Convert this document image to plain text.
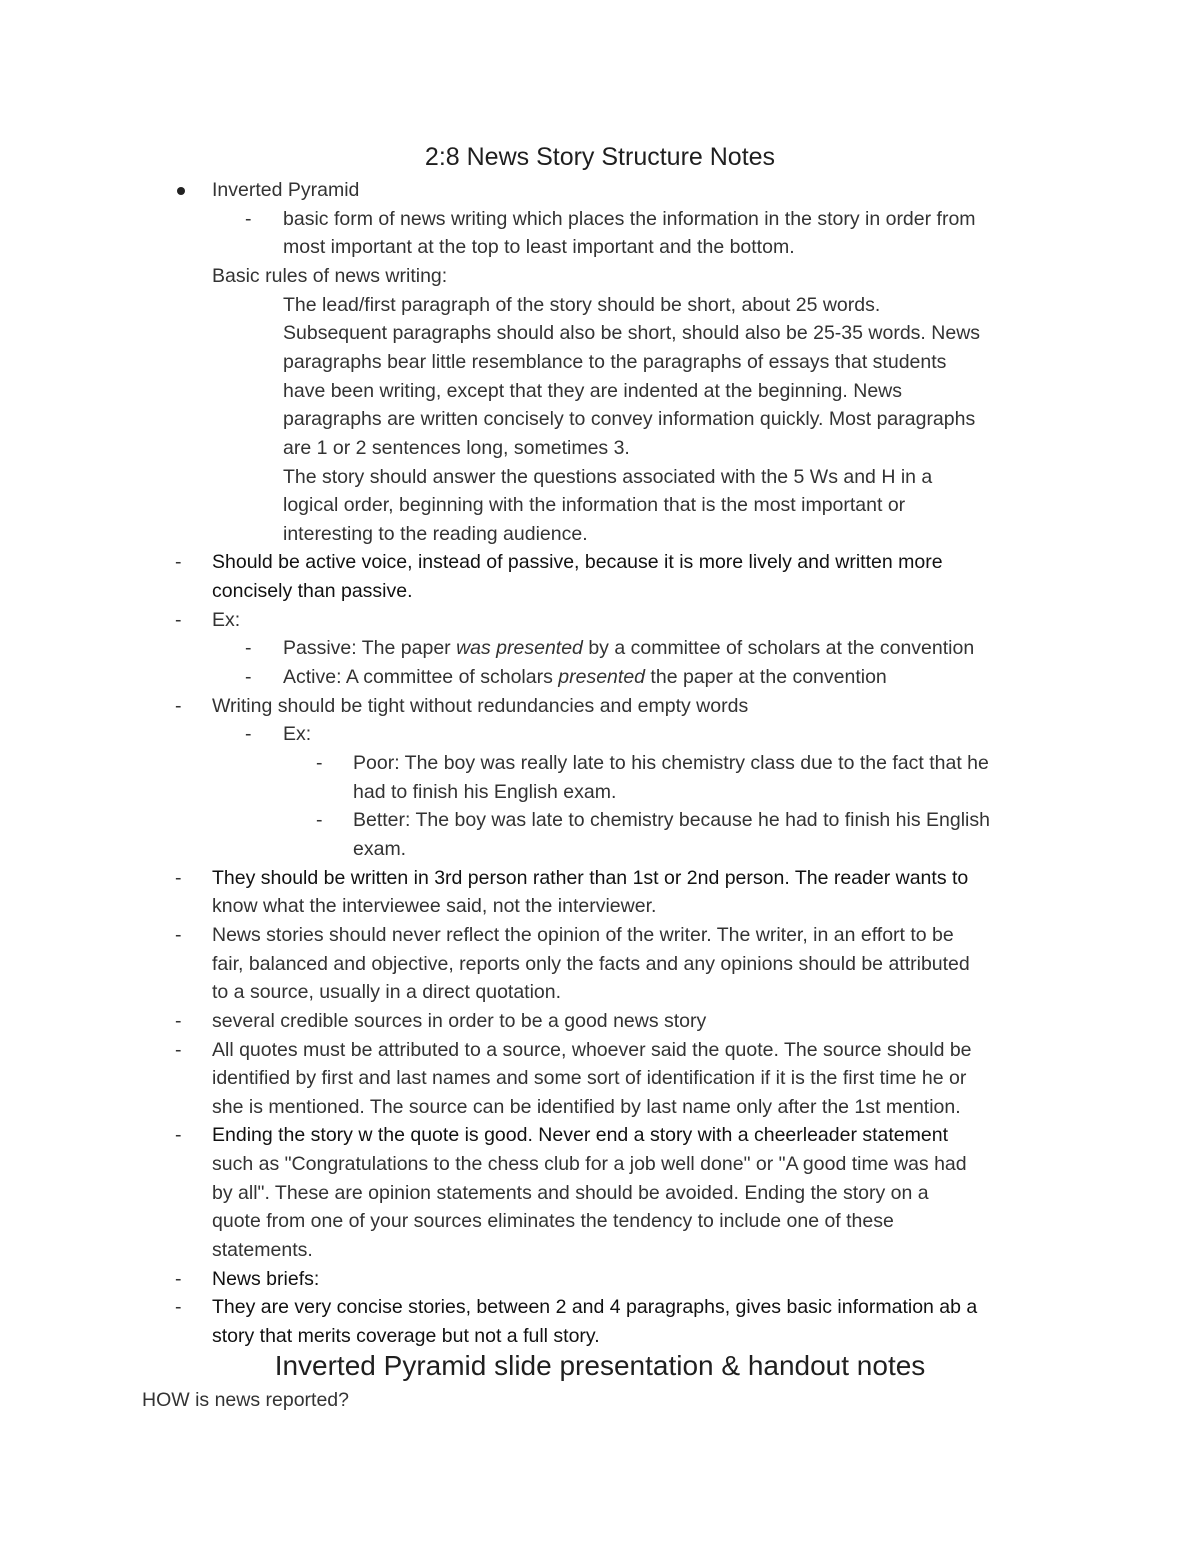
2:8 News Story Structure Notes
Inverted Pyramid
- basic form of news writing which places the information in the story in order from
most important at the top to least important and the bottom.
Basic rules of news writing:
The lead/first paragraph of the story should be short, about 25 words.
Subsequent paragraphs should also be short, should also be 25-35 words. News
paragraphs bear little resemblance to the paragraphs of essays that students
have been writing, except that they are indented at the beginning. News
paragraphs are written concisely to convey information quickly. Most paragraphs
are 1 or 2 sentences long, sometimes 3.
The story should answer the questions associated with the 5 Ws and H in a
logical order, beginning with the information that is the most important or
interesting to the reading audience.
- Should be active voice, instead of passive, because it is more lively and written more
concisely than passive.
- Ex:
- Passive: The paper was presented by a committee of scholars at the convention
- Active: A committee of scholars presented the paper at the convention
- Writing should be tight without redundancies and empty words
- Ex:
- Poor: The boy was really late to his chemistry class due to the fact that he
had to finish his English exam.
- Better: The boy was late to chemistry because he had to finish his English
exam.
- They should be written in 3rd person rather than 1st or 2nd person. The reader wants to
know what the interviewee said, not the interviewer.
- News stories should never reflect the opinion of the writer. The writer, in an effort to be
fair, balanced and objective, reports only the facts and any opinions should be attributed
to a source, usually in a direct quotation.
- several credible sources in order to be a good news story
- All quotes must be attributed to a source, whoever said the quote. The source should be
identified by first and last names and some sort of identification if it is the first time he or
she is mentioned. The source can be identified by last name only after the 1st mention.
- Ending the story w the quote is good. Never end a story with a cheerleader statement
such as "Congratulations to the chess club for a job well done" or "A good time was had
by all". These are opinion statements and should be avoided. Ending the story on a
quote from one of your sources eliminates the tendency to include one of these
statements.
- News briefs:
- They are very concise stories, between 2 and 4 paragraphs, gives basic information ab a
story that merits coverage but not a full story.
Inverted Pyramid slide presentation & handout notes
HOW is news reported?
